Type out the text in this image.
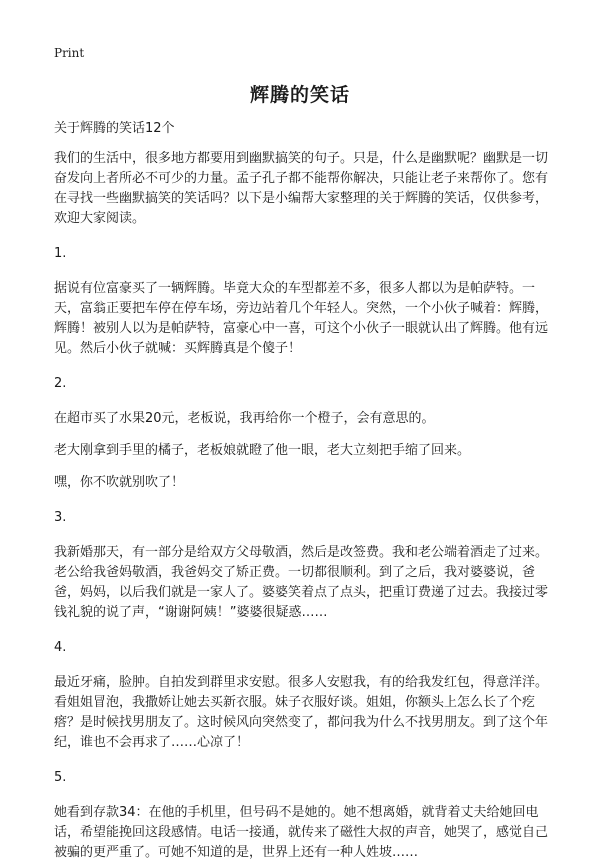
Print
辉腾的笑话

关于辉腾的笑话12个

我们的生活中，很多地方都要用到幽默搞笑的句子。只是，什么是幽默呢？幽默是一切奋发向上者所必不可少的力量。孟子孔子都不能帮你解决，只能让老子来帮你了。您有在寻找一些幽默搞笑的笑话吗？以下是小编帮大家整理的关于辉腾的笑话，仅供参考，欢迎大家阅读。

1.

据说有位富豪买了一辆辉腾。毕竟大众的车型都差不多，很多人都以为是帕萨特。一天，富翁正要把车停在停车场，旁边站着几个年轻人。突然，一个小伙子喊着：辉腾，辉腾！被别人以为是帕萨特，富豪心中一喜，可这个小伙子一眼就认出了辉腾。他有远见。然后小伙子就喊：买辉腾真是个傻子！

2.

在超市买了水果20元，老板说，我再给你一个橙子，会有意思的。

老大刚拿到手里的橘子，老板娘就瞪了他一眼，老大立刻把手缩了回来。

嘿，你不吹就别吹了！

3.

我新婚那天，有一部分是给双方父母敬酒，然后是改签费。我和老公端着酒走了过来。老公给我爸妈敬酒，我爸妈交了矫正费。一切都很顺利。到了之后，我对婆婆说，爸爸，妈妈，以后我们就是一家人了。婆婆笑着点了点头，把重订费递了过去。我接过零钱礼貌的说了声，“谢谢阿姨！”婆婆很疑惑……

4.

最近牙痛，脸肿。自拍发到群里求安慰。很多人安慰我，有的给我发红包，得意洋洋。看姐姐冒泡，我撒娇让她去买新衣服。妹子衣服好谈。姐姐，你额头上怎么长了个疙瘩？是时候找男朋友了。这时候风向突然变了，都问我为什么不找男朋友。到了这个年纪，谁也不会再求了……心凉了！

5.

她看到存款34：在他的手机里，但号码不是她的。她不想离婚，就背着丈夫给她回电话，希望能挽回这段感情。电话一接通，就传来了磁性大叔的声音，她哭了，感觉自己被骗的更严重了。可她不知道的是，世界上还有一种人姓坡……
